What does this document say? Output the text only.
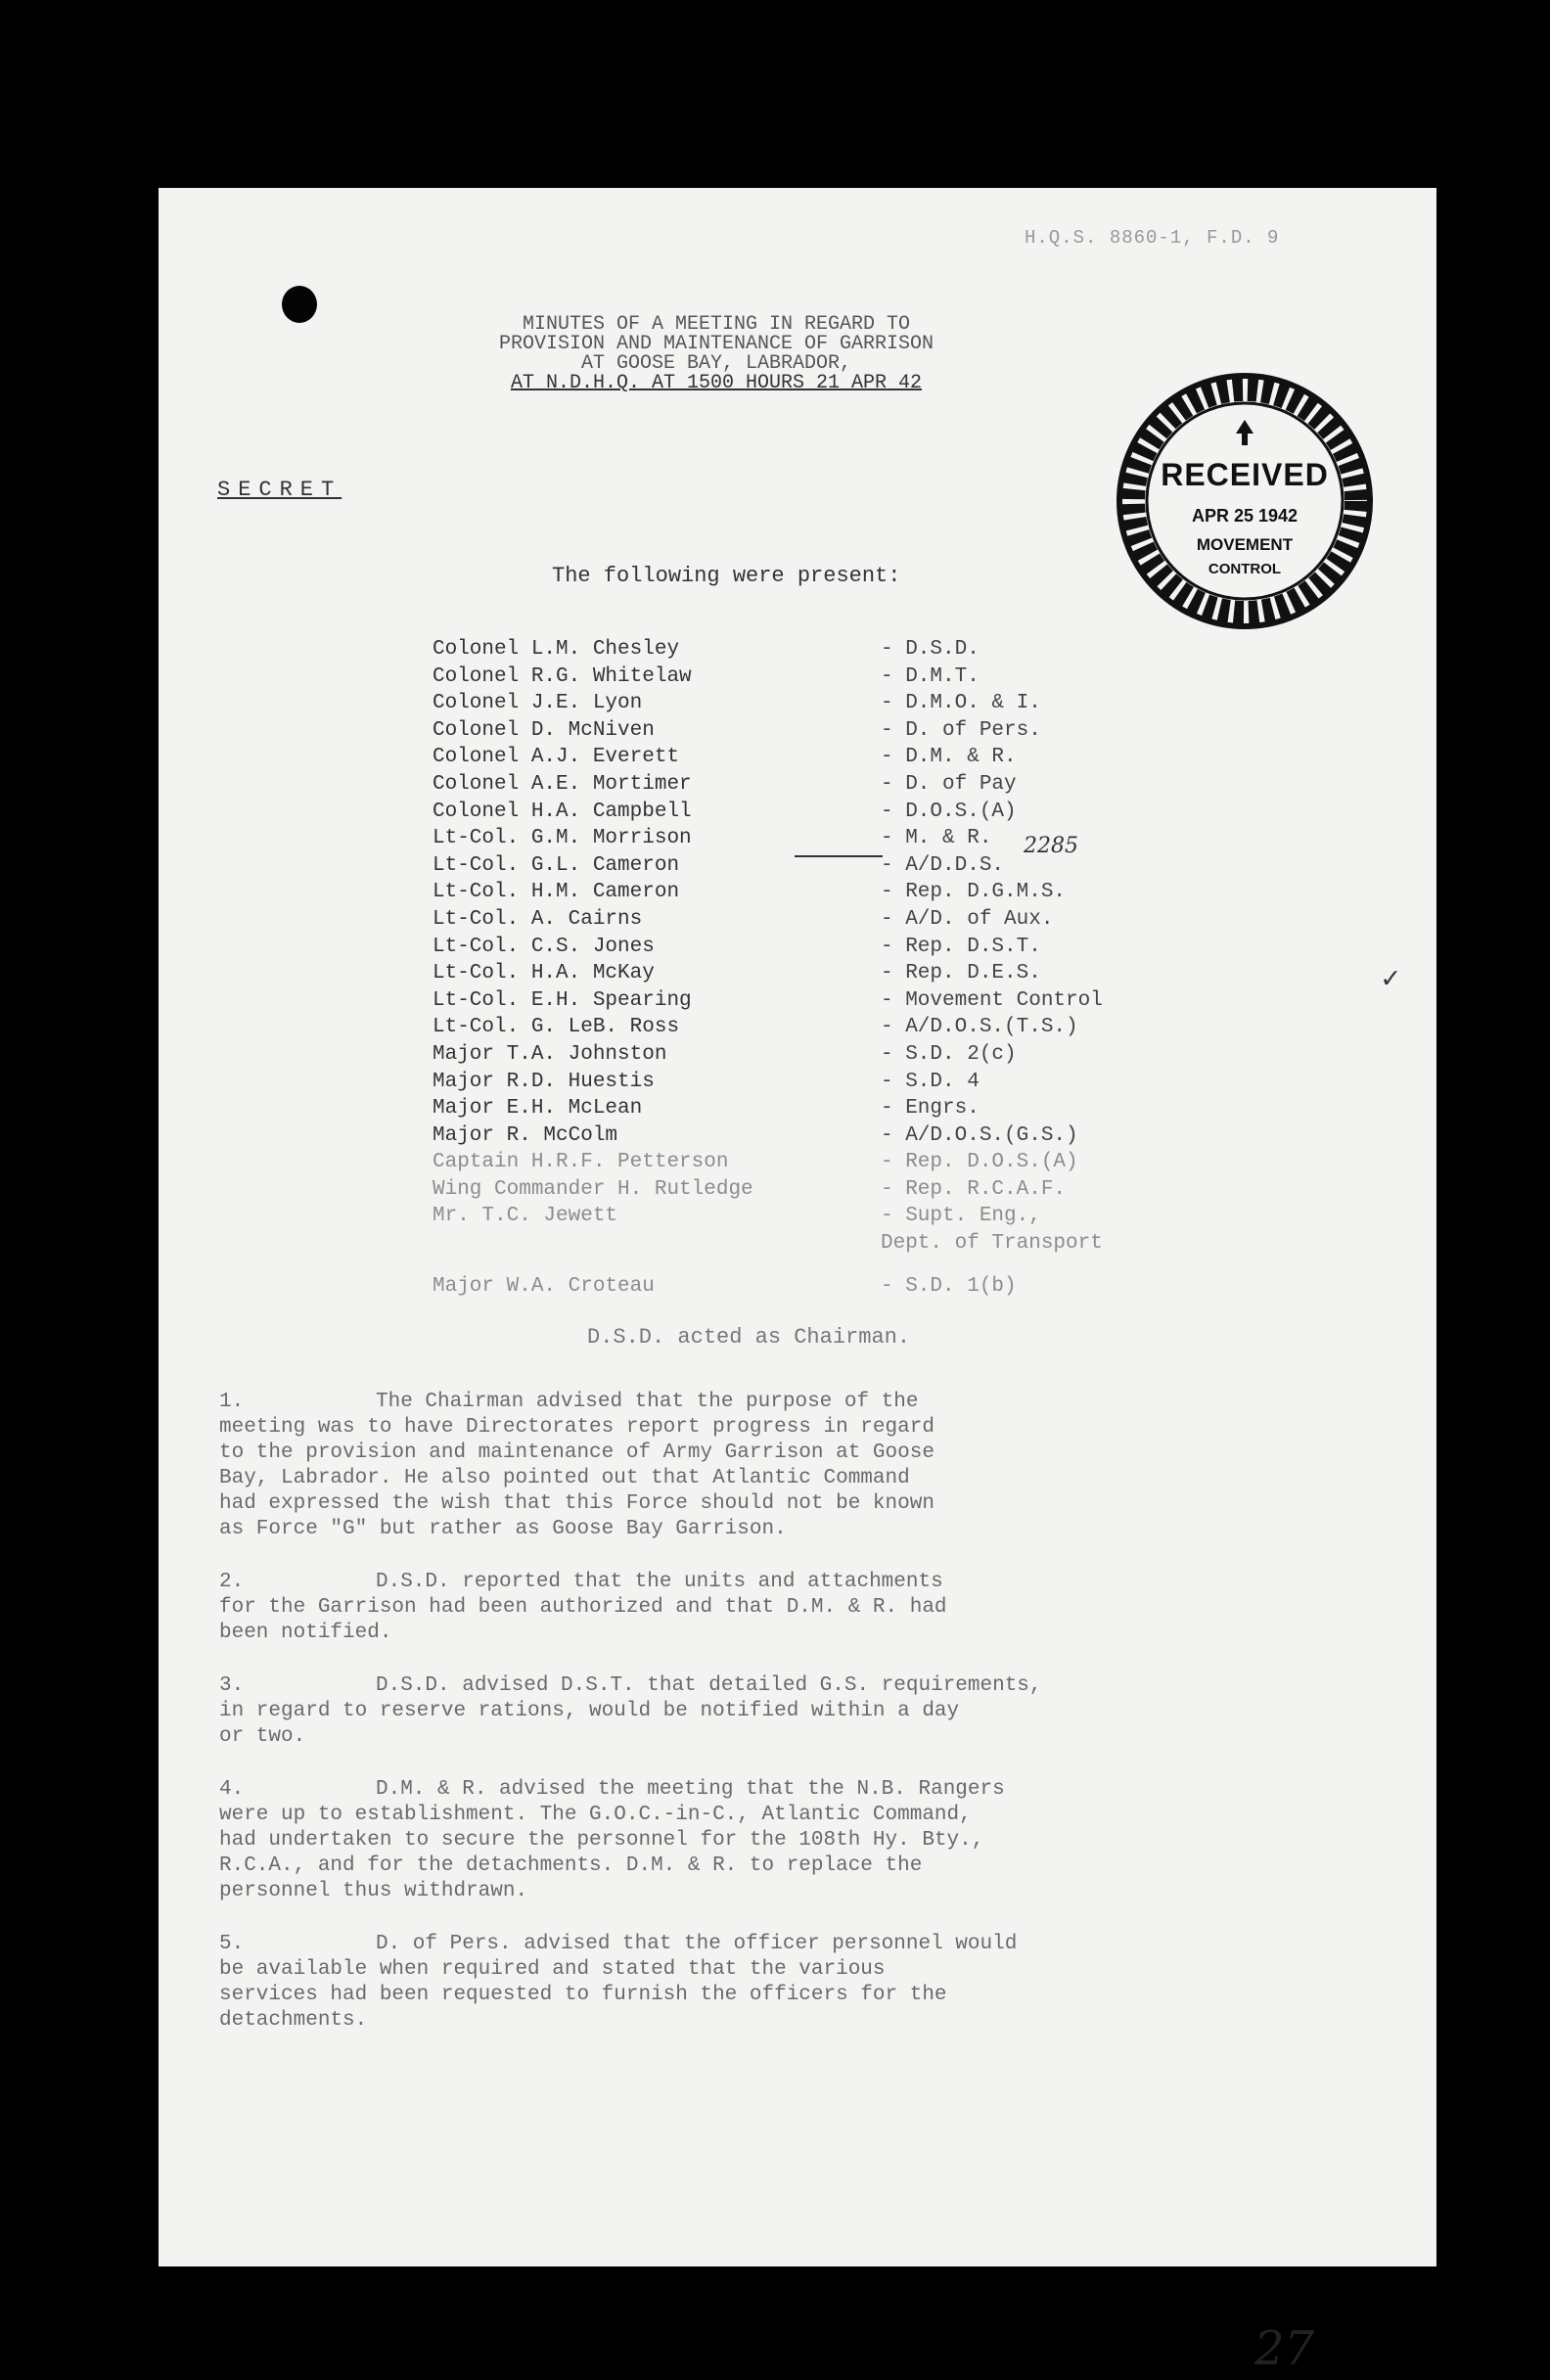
H.Q.S. 8860-1, F.D. 9
MINUTES OF A MEETING IN REGARD TO
PROVISION AND MAINTENANCE OF GARRISON
AT GOOSE BAY, LABRADOR,
AT N.D.H.Q. AT 1500 HOURS 21 APR 42
SECRET	RECEIVED
APR 25 1942
MOVEMENT
CONTROL
The following were present:
Colonel L.M. Chesley	- D.S.D.
Colonel R.G. Whitelaw	- D.M.T.
Colonel J.E. Lyon	- D.M.O. & I.
Colonel D. McNiven	- D. of Pers.
Colonel A.J. Everett	- D.M. & R.
Colonel A.E. Mortimer	- D. of Pay
Colonel H.A. Campbell	- D.O.S.(A)
Lt-Col. G.M. Morrison	- M. & R.
Lt-Col. G.L. Cameron	- A/D.D.S.
Lt-Col. H.M. Cameron	- Rep. D.G.M.S.
Lt-Col. A. Cairns	- A/D. of Aux.
Lt-Col. C.S. Jones	- Rep. D.S.T.
Lt-Col. H.A. McKay	- Rep. D.E.S.
Lt-Col. E.H. Spearing	- Movement Control
Lt-Col. G. LeB. Ross	- A/D.O.S.(T.S.)
Major T.A. Johnston	- S.D. 2(c)
Major R.D. Huestis	- S.D. 4
Major E.H. McLean	- Engrs.
Major R. McColm	- A/D.O.S.(G.S.)
Captain H.R.F. Petterson	- Rep. D.O.S.(A)
Wing Commander H. Rutledge	- Rep. R.C.A.F.
Mr. T.C. Jewett	- Supt. Eng.,
Dept. of Transport
Major W.A. Croteau	- S.D. 1(b)
2285
✓
D.S.D. acted as Chairman.
1.	The Chairman advised that the purpose of the
meeting was to have Directorates report progress in regard
to the provision and maintenance of Army Garrison at Goose
Bay, Labrador. He also pointed out that Atlantic Command
had expressed the wish that this Force should not be known
as Force "G" but rather as Goose Bay Garrison.
2.	D.S.D. reported that the units and attachments
for the Garrison had been authorized and that D.M. & R. had
been notified.
3.	D.S.D. advised D.S.T. that detailed G.S. requirements,
in regard to reserve rations, would be notified within a day
or two.
4.	D.M. & R. advised the meeting that the N.B. Rangers
were up to establishment. The G.O.C.-in-C., Atlantic Command,
had undertaken to secure the personnel for the 108th Hy. Bty.,
R.C.A., and for the detachments. D.M. & R. to replace the
personnel thus withdrawn.
5.	D. of Pers. advised that the officer personnel would
be available when required and stated that the various
services had been requested to furnish the officers for the
detachments.
27
